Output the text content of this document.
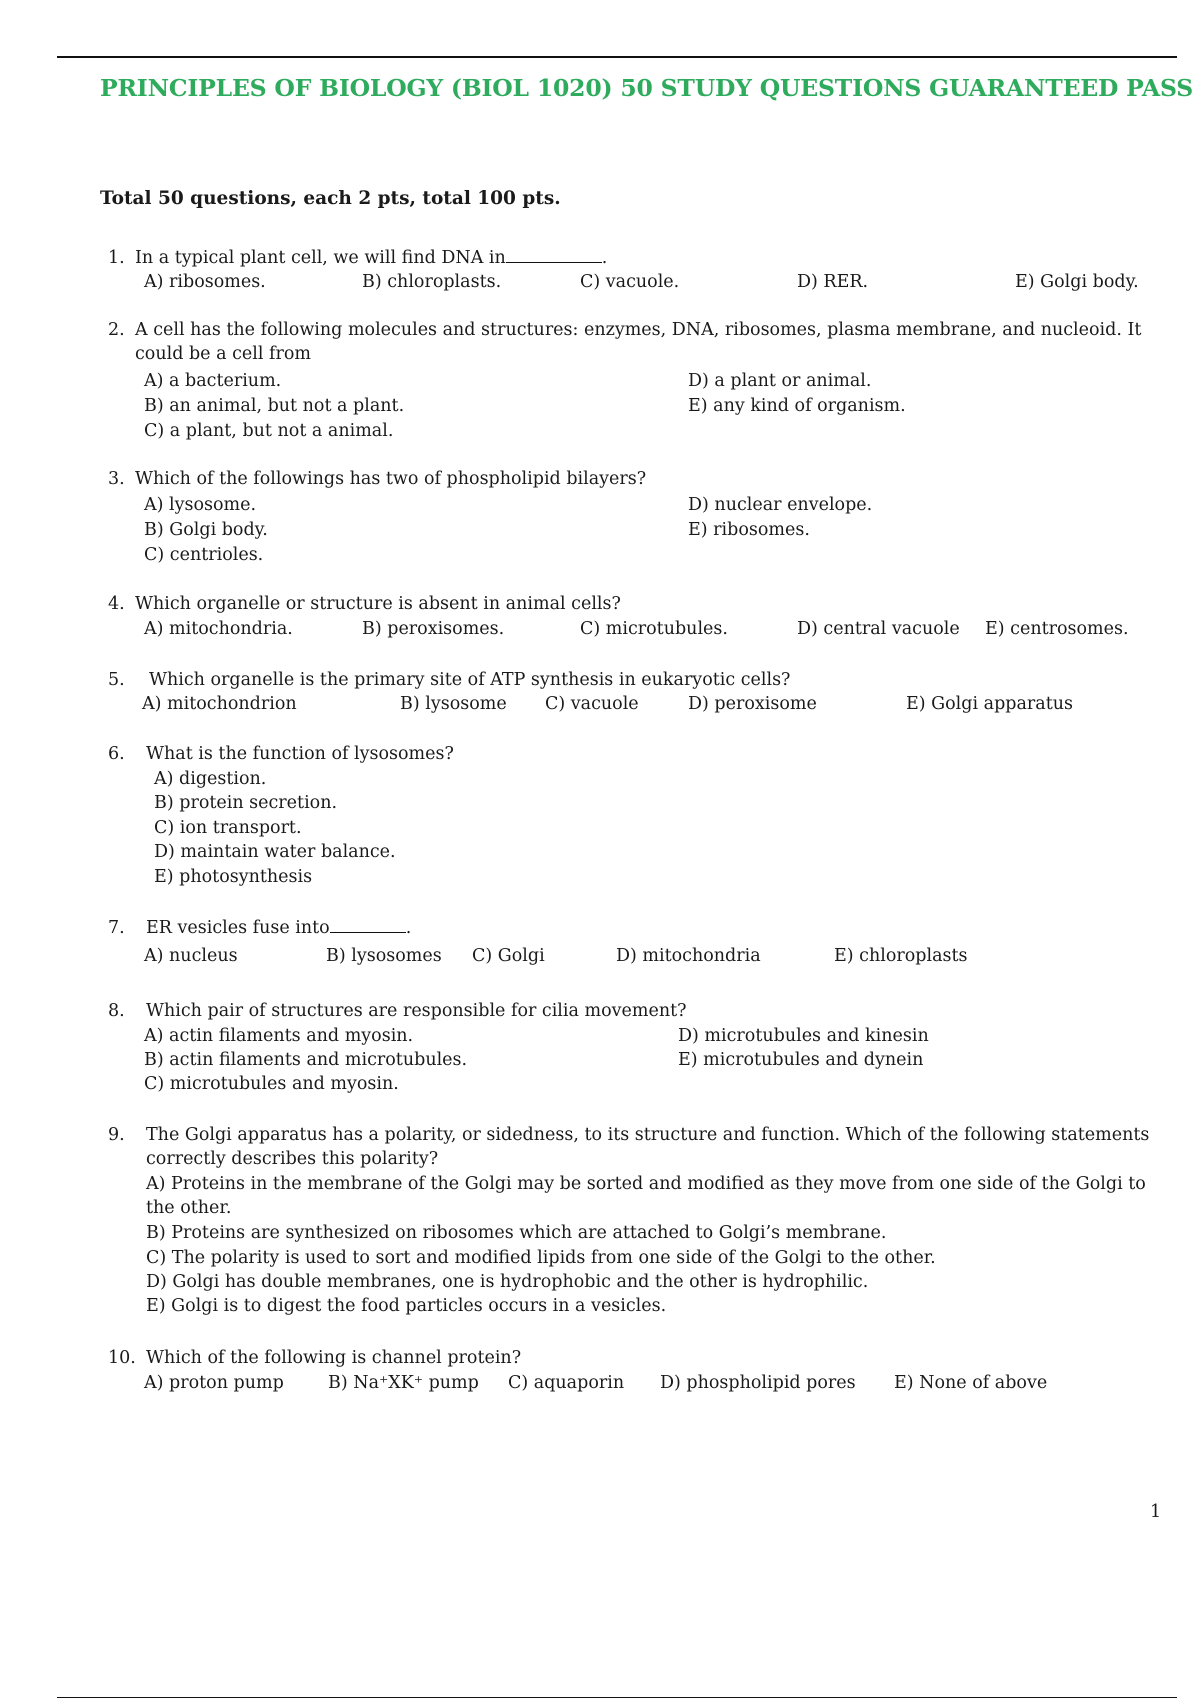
PRINCIPLES OF BIOLOGY (BIOL 1020) 50 STUDY QUESTIONS GUARANTEED PASS
Total 50 questions, each 2 pts, total 100 pts.
1. In a typical plant cell, we will find DNA in	.
A) ribosomes.	B) chloroplasts.	C) vacuole.	D) RER.	E) Golgi body.
2. A cell has the following molecules and structures: enzymes, DNA, ribosomes, plasma membrane, and nucleoid. It could be a cell from
A) a bacterium.
B) an animal, but not a plant.
C) a plant, but not a animal.
D) a plant or animal.
E) any kind of organism.
3. Which of the followings has two of phospholipid bilayers?
A) lysosome.
B) Golgi body.
C) centrioles.
D) nuclear envelope.
E) ribosomes.
4. Which organelle or structure is absent in animal cells?
A) mitochondria.	B) peroxisomes.	C) microtubules.	D) central vacuole E) centrosomes.
5. Which organelle is the primary site of ATP synthesis in eukaryotic cells?
A) mitochondrion	B) lysosome C) vacuole	D) peroxisome	E) Golgi apparatus
6. What is the function of lysosomes?
A) digestion.
B) protein secretion.
C) ion transport.
D) maintain water balance.
E) photosynthesis
7. ER vesicles fuse into	.
A) nucleus	B) lysosomes C) Golgi	D) mitochondria	E) chloroplasts
8. Which pair of structures are responsible for cilia movement?
A) actin filaments and myosin.
B) actin filaments and microtubules.
C) microtubules and myosin.
D) microtubules and kinesin
E) microtubules and dynein
9. The Golgi apparatus has a polarity, or sidedness, to its structure and function. Which of the following statements correctly describes this polarity?
A) Proteins in the membrane of the Golgi may be sorted and modified as they move from one side of the Golgi to the other.
B) Proteins are synthesized on ribosomes which are attached to Golgi’s membrane.
C) The polarity is used to sort and modified lipids from one side of the Golgi to the other.
D) Golgi has double membranes, one is hydrophobic and the other is hydrophilic.
E) Golgi is to digest the food particles occurs in a vesicles.
10. Which of the following is channel protein?
A) proton pump	B) Na⁺XK⁺ pump C) aquaporin D) phospholipid pores E) None of above
1
